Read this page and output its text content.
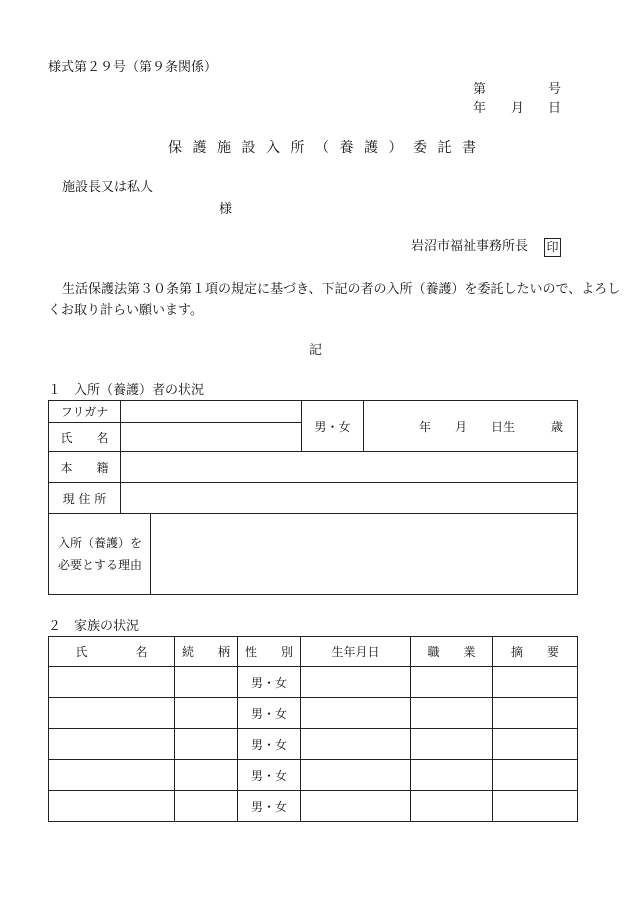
様式第２９号（第９条関係）
第	号
年 月 日
保護施設入所（養護）委託書
施設長又は私人
様
岩沼市福祉事務所長 印
生活保護法第３０条第１項の規定に基づき、下記の者の入所（養護）を委託したいので、よろし
くお取り計らい願います。
記
１　入所（養護）者の状況
フリガナ			男・女	年　　月　　日生　　　歳
氏　　名				
本　　籍				
現 住 所				
入所（養護）を
必要とする理由				
２　家族の状況
氏　　　　名	続　　柄	性　　別	生年月日	職　　業	摘　　要
		男・女			
		男・女			
		男・女			
		男・女			
		男・女			
